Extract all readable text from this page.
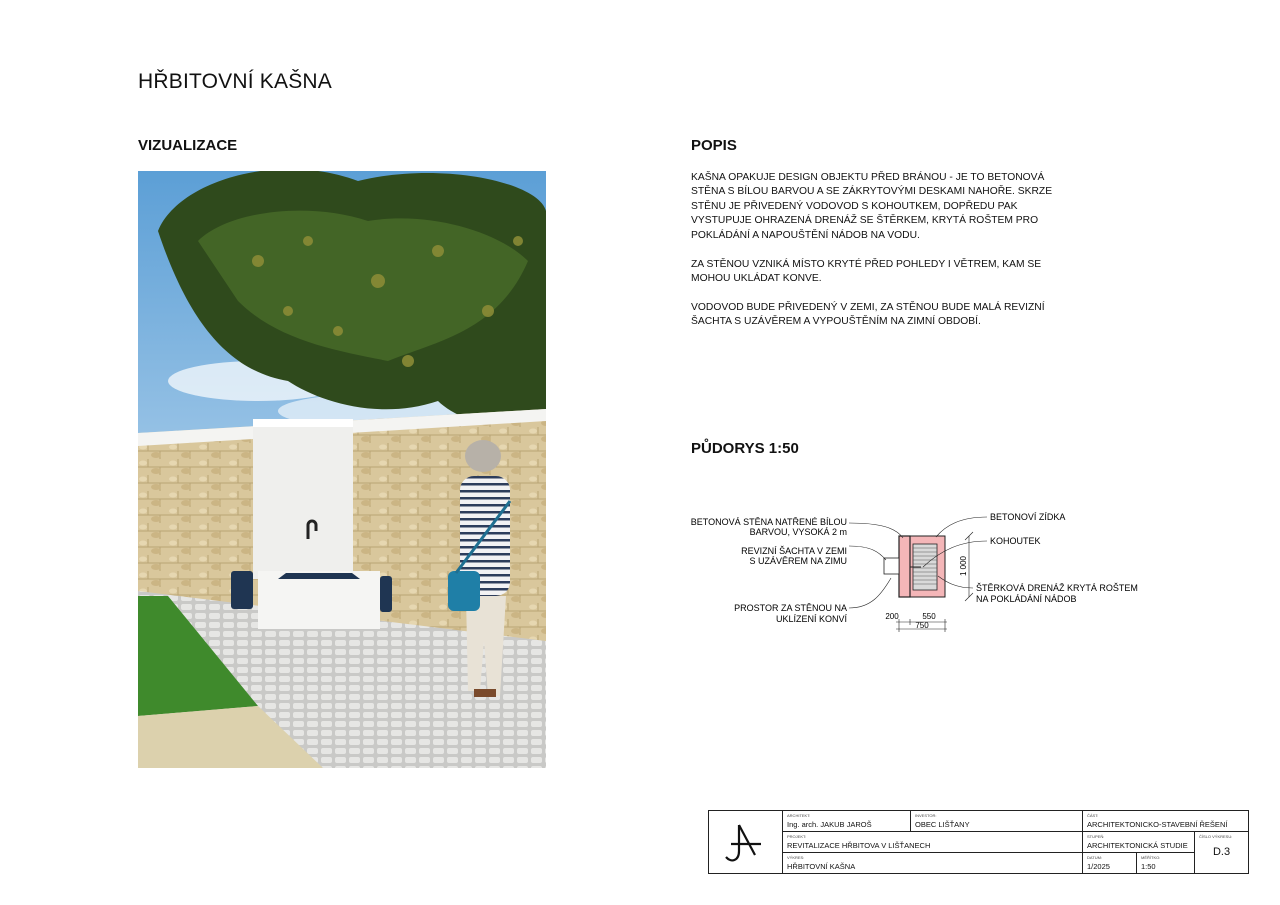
HŘBITOVNÍ KAŠNA
VIZUALIZACE	POPIS
KAŠNA OPAKUJE DESIGN OBJEKTU PŘED BRÁNOU - JE TO BETONOVÁ STĚNA S BÍLOU BARVOU A SE ZÁKRYTOVÝMI DESKAMI NAHOŘE. SKRZE STĚNU JE PŘIVEDENÝ VODOVOD S KOHOUTKEM, DOPŘEDU PAK VYSTUPUJE OHRAZENÁ DRENÁŽ SE ŠTĚRKEM, KRYTÁ ROŠTEM PRO POKLÁDÁNÍ A NAPOUŠTĚNÍ NÁDOB NA VODU.
ZA STĚNOU VZNIKÁ MÍSTO KRYTÉ PŘED POHLEDY I VĚTREM, KAM SE MOHOU UKLÁDAT KONVE.
VODOVOD BUDE PŘIVEDENÝ V ZEMI, ZA STĚNOU BUDE MALÁ REVIZNÍ ŠACHTA S UZÁVĚREM A VYPOUŠTĚNÍM NA ZIMNÍ OBDOBÍ.
PŮDORYS 1:50
BETONOVÁ STĚNA NATŘENÉ BÍLOU
BARVOU, VYSOKÁ 2 m
REVIZNÍ ŠACHTA V ZEMI
S UZÁVĚREM NA ZIMU
PROSTOR ZA STĚNOU NA
UKLÍZENÍ KONVÍ
BETONOVÍ ZÍDKA
KOHOUTEK
ŠTĚRKOVÁ DRENÁŽ KRYTÁ ROŠTEM
NA POKLÁDÁNÍ NÁDOB
1 000
200	550
750
ARCHITEKT:
Ing. arch. JAKUB JAROŠ
INVESTOR:
OBEC LIŠŤANY
ČÁST:
ARCHITEKTONICKO-STAVEBNÍ ŘEŠENÍ
PROJEKT:
REVITALIZACE HŘBITOVA V LIŠŤANECH
STUPEŇ:
ARCHITEKTONICKÁ STUDIE
ČÍSLO VÝKRESU:
D.3
VÝKRES:
HŘBITOVNÍ KAŠNA
DATUM:
1/2025
MĚŘÍTKO:
1:50
